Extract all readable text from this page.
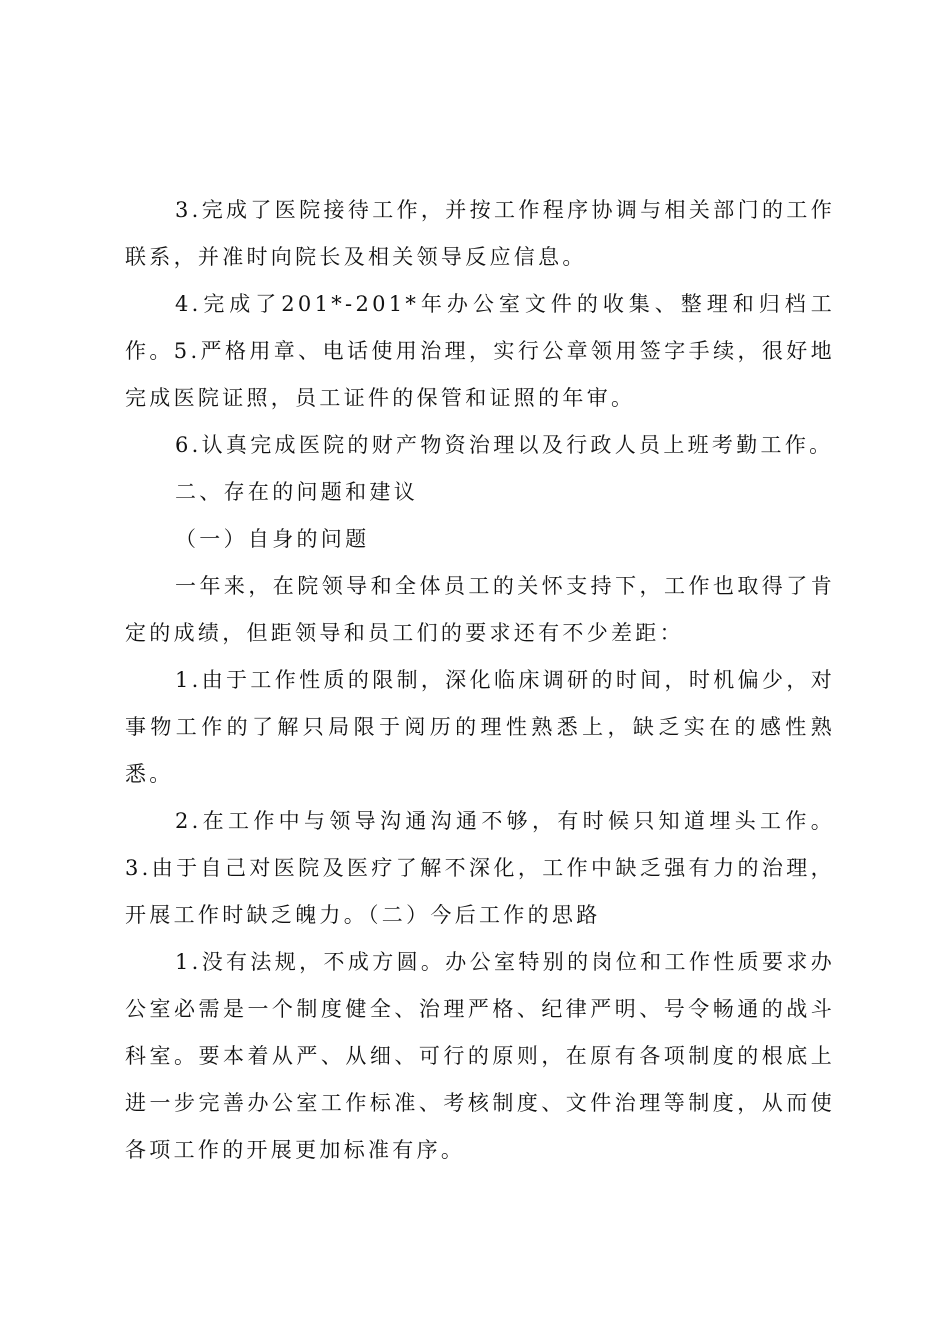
3.完成了医院接待工作，并按工作程序协调与相关部门的工作联系，并准时向院长及相关领导反应信息。

4.完成了201*-201*年办公室文件的收集、整理和归档工作。5.严格用章、电话使用治理，实行公章领用签字手续，很好地完成医院证照，员工证件的保管和证照的年审。

6.认真完成医院的财产物资治理以及行政人员上班考勤工作。

二、存在的问题和建议

（一）自身的问题

一年来，在院领导和全体员工的关怀支持下，工作也取得了肯定的成绩，但距领导和员工们的要求还有不少差距：

1.由于工作性质的限制，深化临床调研的时间，时机偏少，对事物工作的了解只局限于阅历的理性熟悉上，缺乏实在的感性熟悉。

2.在工作中与领导沟通沟通不够，有时候只知道埋头工作。3.由于自己对医院及医疗了解不深化，工作中缺乏强有力的治理，开展工作时缺乏魄力。（二）今后工作的思路

1.没有法规，不成方圆。办公室特别的岗位和工作性质要求办公室必需是一个制度健全、治理严格、纪律严明、号令畅通的战斗科室。要本着从严、从细、可行的原则，在原有各项制度的根底上进一步完善办公室工作标准、考核制度、文件治理等制度，从而使各项工作的开展更加标准有序。
